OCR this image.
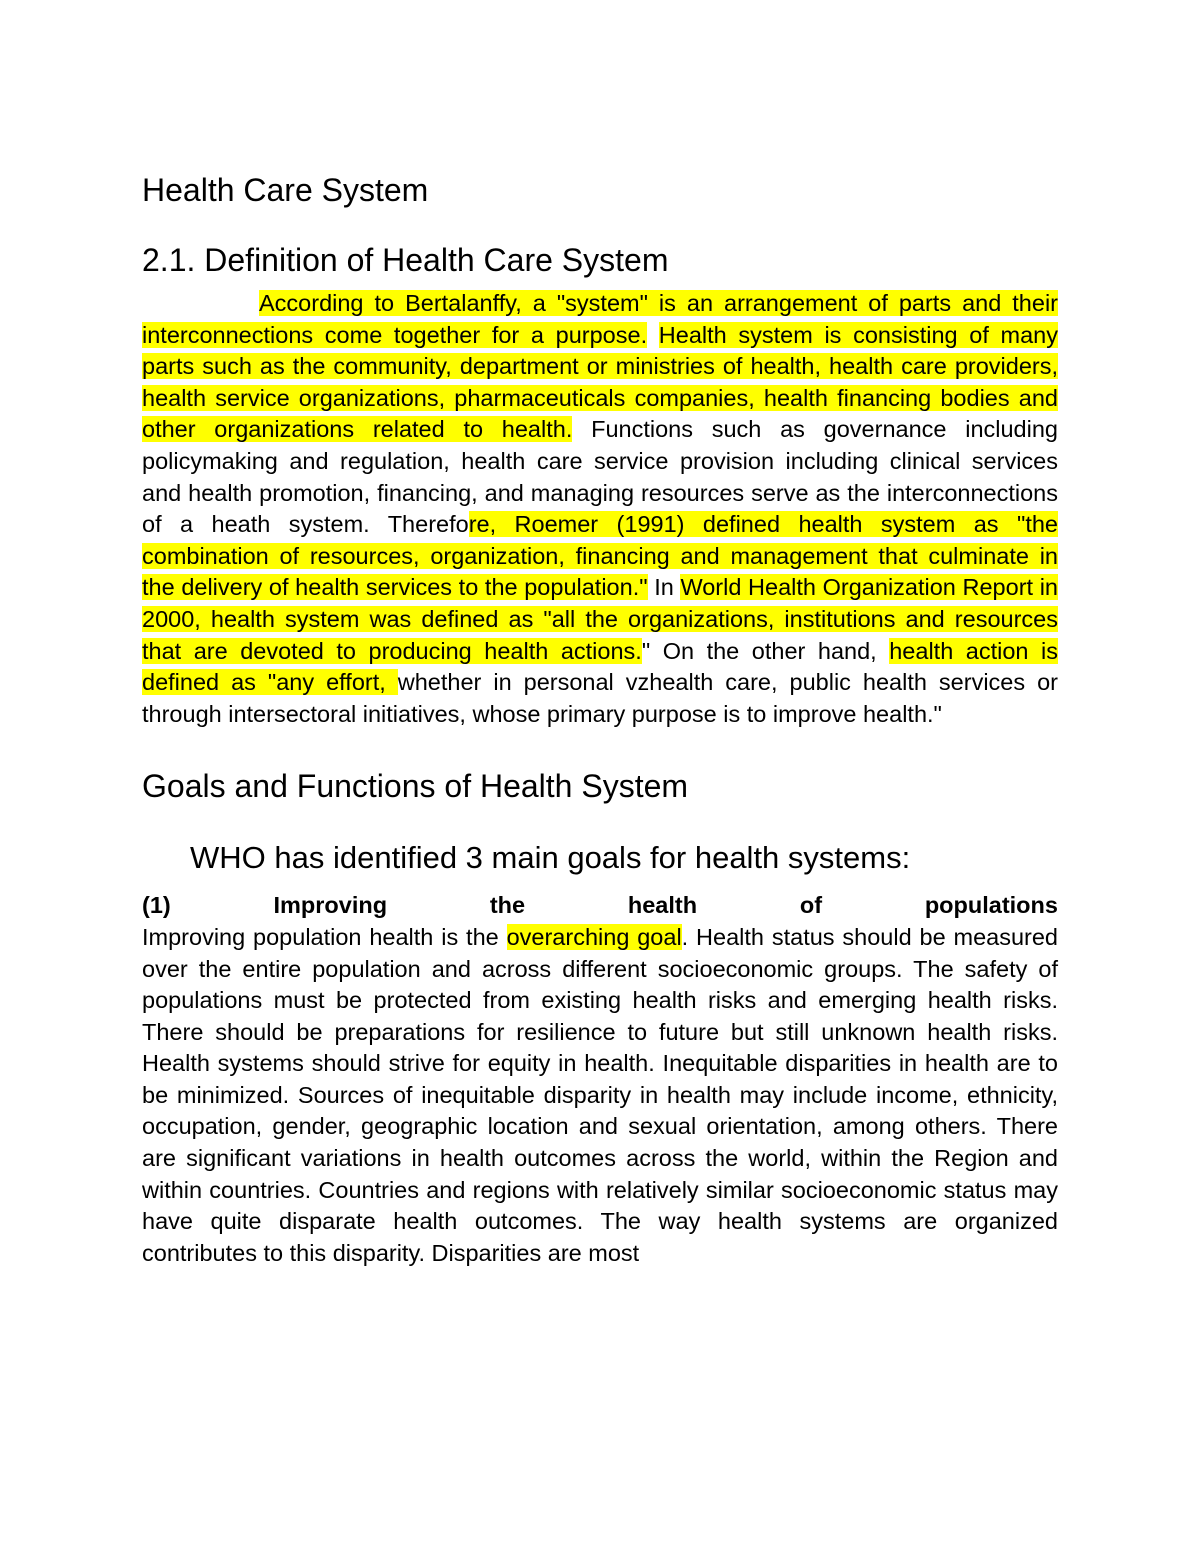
Health Care System
2.1. Definition of Health Care System

According to Bertalanffy, a "system" is an arrangement of parts and their interconnections come together for a purpose. Health system is consisting of many parts such as the community, department or ministries of health, health care providers, health service organizations, pharmaceuticals companies, health financing bodies and other organizations related to health. Functions such as governance including policymaking and regulation, health care service provision including clinical services and health promotion, financing, and managing resources serve as the interconnections of a heath system. Therefore, Roemer (1991) defined health system as "the combination of resources, organization, financing and management that culminate in the delivery of health services to the population." In World Health Organization Report in 2000, health system was defined as "all the organizations, institutions and resources that are devoted to producing health actions." On the other hand, health action is defined as "any effort, whether in personal vzhealth care, public health services or through intersectoral initiatives, whose primary purpose is to improve health."

Goals and Functions of Health System
WHO has identified 3 main goals for health systems:
(1)	Improving	the	health	of	populations

Improving population health is the overarching goal. Health status should be measured over the entire population and across different socioeconomic groups. The safety of populations must be protected from existing health risks and emerging health risks. There should be preparations for resilience to future but still unknown health risks. Health systems should strive for equity in health. Inequitable disparities in health are to be minimized. Sources of inequitable disparity in health may include income, ethnicity, occupation, gender, geographic location and sexual orientation, among others. There are significant variations in health outcomes across the world, within the Region and within countries. Countries and regions with relatively similar socioeconomic status may have quite disparate health outcomes. The way health systems are organized contributes to this disparity. Disparities are most
